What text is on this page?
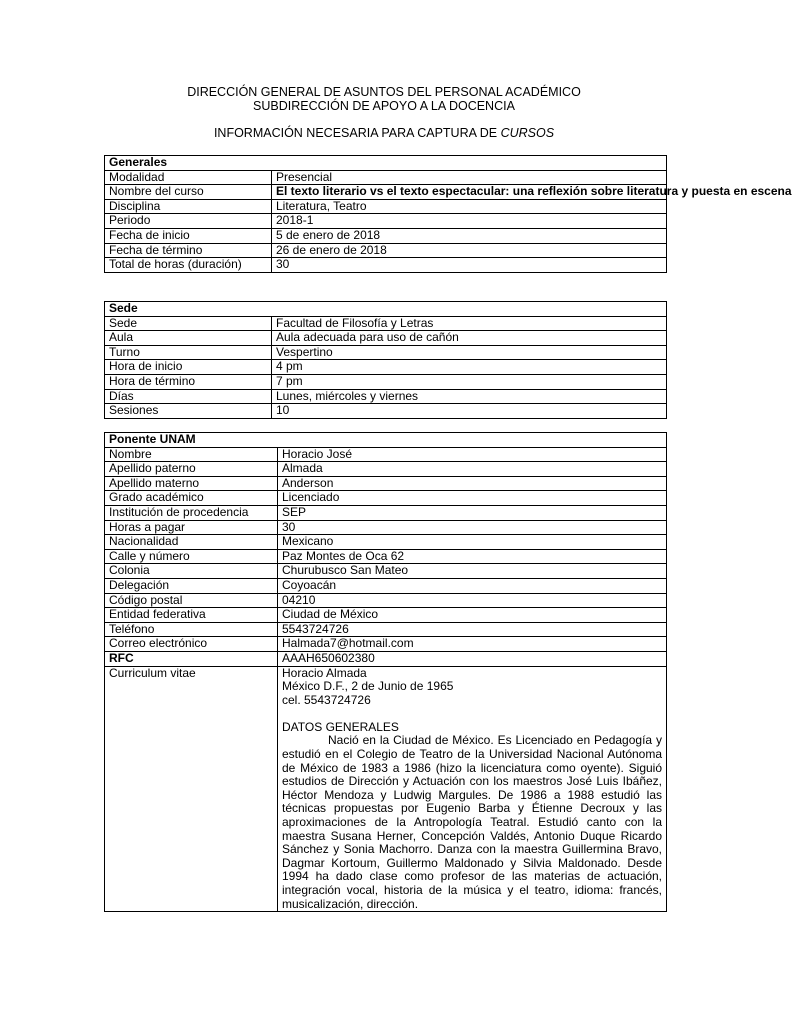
DIRECCIÓN GENERAL DE ASUNTOS DEL PERSONAL ACADÉMICO
SUBDIRECCIÓN DE APOYO A LA DOCENCIA
INFORMACIÓN NECESARIA PARA CAPTURA DE CURSOS
Generales	
Modalidad	Presencial
Nombre del curso	El texto literario vs el texto espectacular: una reflexión sobre literatura y puesta en escena
Disciplina	Literatura, Teatro
Periodo	2018-1
Fecha de inicio	5 de enero de 2018
Fecha de término	26 de enero de 2018
Total de horas (duración)	30
Sede	
Sede	Facultad de Filosofía y Letras
Aula	Aula adecuada para uso de cañón
Turno	Vespertino
Hora de inicio	4 pm
Hora de término	7 pm
Días	Lunes, miércoles y viernes
Sesiones	10
Ponente UNAM	
Nombre	Horacio José
Apellido paterno	Almada
Apellido materno	Anderson
Grado académico	Licenciado
Institución de procedencia	SEP
Horas a pagar	30
Nacionalidad	Mexicano
Calle y número	Paz Montes de Oca 62
Colonia	Churubusco San Mateo
Delegación	Coyoacán
Código postal	04210
Entidad federativa	Ciudad de México
Teléfono	5543724726
Correo electrónico	Halmada7@hotmail.com
RFC	AAAH650602380
Curriculum vitae	Horacio Almada
México D.F., 2 de Junio de 1965
cel. 5543724726
DATOS GENERALES
Nació en la Ciudad de México. Es Licenciado en Pedagogía y estudió en el Colegio de Teatro de la Universidad Nacional Autónoma de México de 1983 a 1986 (hizo la licenciatura como oyente). Siguió estudios de Dirección y Actuación con los maestros José Luis Ibáñez, Héctor Mendoza y Ludwig Margules. De 1986 a 1988 estudió las técnicas propuestas por Eugenio Barba y Étienne Decroux y las aproximaciones de la Antropología Teatral. Estudió canto con la maestra Susana Herner, Concepción Valdés, Antonio Duque Ricardo Sánchez y Sonia Machorro. Danza con la maestra Guillermina Bravo, Dagmar Kortoum, Guillermo Maldonado y Silvia Maldonado. Desde 1994 ha dado clase como profesor de las materias de actuación, integración vocal, historia de la música y el teatro, idioma: francés, musicalización, dirección.
